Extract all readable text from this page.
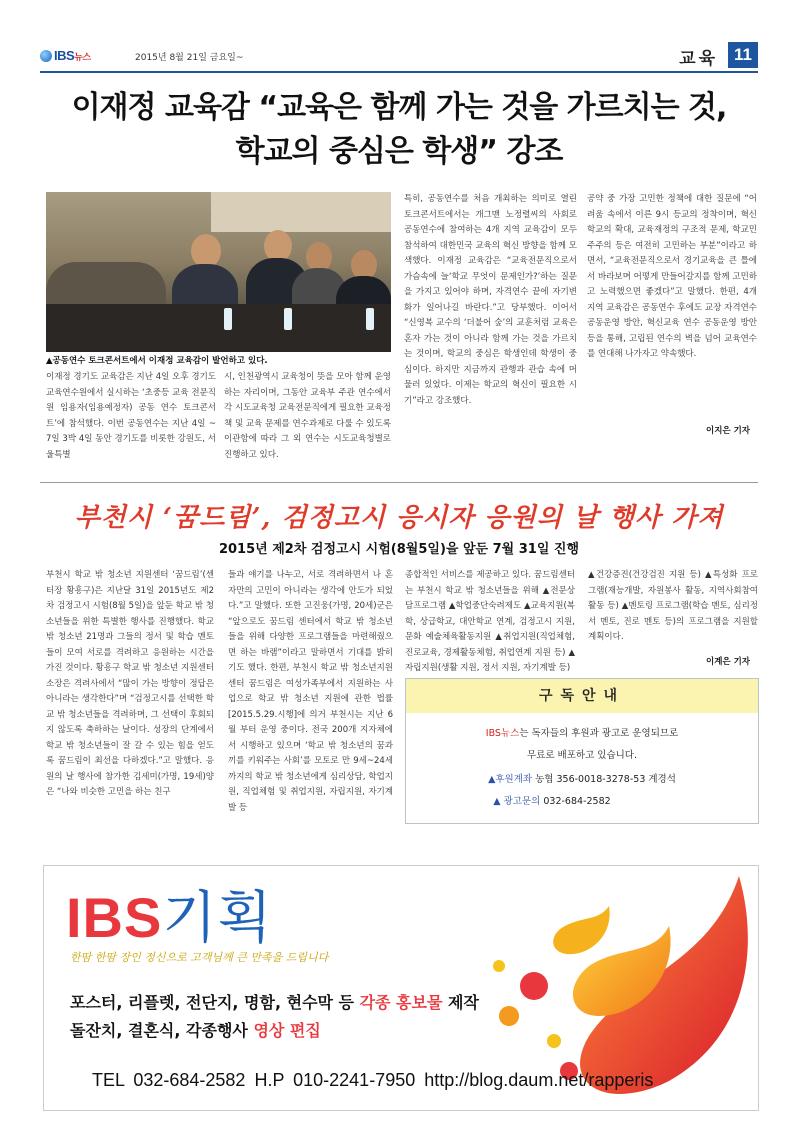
IBS뉴스	2015년 8월 21일 금요일~	교육 11
이재정 교육감 “교육은 함께 가는 것을 가르치는 것,
학교의 중심은 학생” 강조
▲공동연수 토크콘서트에서 이재정 교육감이 발언하고 있다.
이재정 경기도 교육감은 지난 4일 오후 경기도교육연수원에서 실시하는 ‘초중등 교육 전문직원 임용자(임용예정자) 공동 연수 토크콘서트’에 참석했다. 이번 공동연수는 지난 4일 ~ 7일 3박 4일 동안 경기도를 비롯한 강원도, 서울특별
시, 인천광역시 교육청이 뜻을 모아 함께 운영하는 자리이며, 그동안 교육부 주관 연수에서 각 시도교육청 교육전문직에게 필요한 교육정책 및 교육 문제를 연수과제로 다룰 수 있도록 이관함에 따라 그 외 연수는 시도교육청별로 진행하고 있다.
특히, 공동연수를 처음 개최하는 의미로 열린 토크콘서트에서는 개그맨 노정렬씨의 사회로 공동연수에 참여하는 4개 지역 교육감이 모두 참석하여 대한민국 교육의 혁신 방향을 함께 모색했다. 이재정 교육감은 “교육전문직으로서 가슴속에 늘‘학교 무엇이 문제인가?’하는 질문을 가지고 있어야 하며, 자격연수 끝에 자기변화가 일어나길 바란다.”고 당부했다. 이어서 “신영복 교수의 ‘더불어 숲’의 교훈처럼 교육은 혼자 가는 것이 아니라 함께 가는 것을 가르치는 것이며, 학교의 중심은 학생인데 학생이 중심이다. 하지만 지금까지 관행과 관습 속에 머물러 있었다. 이제는 학교의 혁신이 필요한 시기”라고 강조했다.
공약 중 가장 고민한 정책에 대한 질문에 “어려움 속에서 이른 9시 등교의 정착이며, 혁신학교의 확대, 교육재정의 구조적 문제, 학교민주주의 등은 여전히 고민하는 부분”이라고 하면서, “교육전문직으로서 경기교육을 큰 틀에서 바라보며 어떻게 만들어갈지를 함께 고민하고 노력했으면 좋겠다”고 말했다. 한편, 4개 지역 교육감은 공동연수 후에도 교장 자격연수 공동운영 방안, 혁신교육 연수 공동운영 방안 등을 통해, 고립된 연수의 벽을 넘어 교육연수를 연대해 나가자고 약속했다.
이지은 기자
부천시 ‘꿈드림’, 검정고시 응시자 응원의 날 행사 가져
2015년 제2차 검정고시 시험(8월5일)을 앞둔 7월 31일 진행
부천시 학교 밖 청소년 지원센터 ‘꿈드림’(센터장 황흥구)은 지난달 31일 2015년도 제2차 검정고시 시험(8월 5일)을 앞둔 학교 밖 청소년들을 위한 특별한 행사를 진행했다. 학교 밖 청소년 21명과 그들의 정서 및 학습 멘토들이 모여 서로를 격려하고 응원하는 시간을 가진 것이다. 황흥구 학교 밖 청소년 지원센터 소장은 격려사에서 “많이 가는 방향이 정답은 아니라는 생각한다”며 “검정고시를 선택한 학교 밖 청소년들을 격려하며, 그 선택이 후회되지 않도록 축하하는 날이다. 성장의 단계에서 학교 밖 청소년들이 잘 갈 수 있는 힘을 얻도록 꿈드림이 최선을 다하겠다.”고 말했다. 응원의 날 행사에 참가한 김세미(가명, 19세)양은 “나와 비슷한 고민을 하는 친구
들과 얘기를 나누고, 서로 격려하면서 나 혼자만의 고민이 아니라는 생각에 안도가 되었다.”고 말했다. 또한 고진웅(가명, 20세)군은 “앞으로도 꿈드림 센터에서 학교 밖 청소년들을 위해 다양한 프로그램들을 마련해줬으면 하는 바램”이라고 말하면서 기대를 밝히기도 했다. 한편, 부천시 학교 밖 청소년지원센터 꿈드림은 여성가족부에서 지원하는 사업으로 학교 밖 청소년 지원에 관한 법률[2015.5.29.시행]에 의거 부천시는 지난 6월 부터 운영 중이다. 전국 200개 지자체에서 시행하고 있으며 ‘학교 밖 청소년의 꿈과 끼를 키워주는 사회’를 모토로 만 9세~24세까지의 학교 밖 청소년에게 심리상담, 학업지원, 직업체험 및 취업지원, 자립지원, 자기계발 등
종합적인 서비스를 제공하고 있다. 꿈드림센터는 부천시 학교 밖 청소년들을 위해 ▲전문상담프로그램 ▲학업중단숙려제도 ▲교육지원(복학, 상급학교, 대안학교 연계, 검정고시 지원, 문화 예술체육활동지원 ▲취업지원(직업체험,진로교육, 경제활동체험, 취업연계 지원 등) ▲자립지원(생활 지원, 정서 지원, 자기계발 등)
▲건강증진(건강검진 지원 등) ▲특성화 프로그램(재능개발, 자원봉사 활동, 지역사회참여활동 등) ▲멘토링 프로그램(학습 멘토, 심리정서 멘토, 진로 멘토 등)의 프로그램을 지원할 계획이다.
이계은 기자
구독안내
IBS뉴스는 독자들의 후원과 광고로 운영되므로
무료로 배포하고 있습니다.
▲후원계좌 농협 356-0018-3278-53 계경석
▲ 광고문의 032-684-2582
IBS기획
한땀 한땀 장인 정신으로 고객님께 큰 만족을 드립니다
포스터, 리플렛, 전단지, 명함, 현수막 등 각종 홍보물 제작
돌잔치, 결혼식, 각종행사 영상 편집
TEL 032-684-2582 H.P 010-2241-7950 http://blog.daum.net/rapperis
